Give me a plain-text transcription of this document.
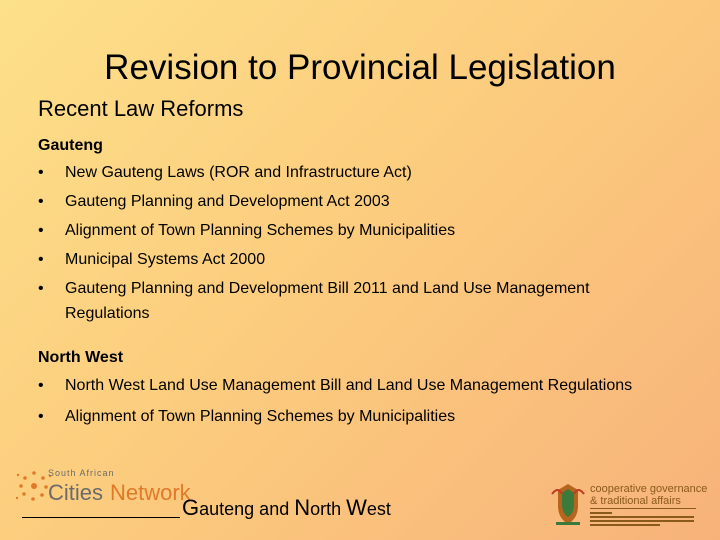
Revision to Provincial Legislation
Recent Law Reforms
Gauteng
•	New Gauteng Laws (ROR and Infrastructure Act)
•	Gauteng Planning and Development Act 2003
•	Alignment of Town Planning Schemes by Municipalities
•	Municipal Systems Act 2000
•	Gauteng Planning and Development Bill 2011 and Land Use Management Regulations
North West
•	North West Land Use Management Bill and Land Use Management Regulations
•	Alignment of Town Planning Schemes by Municipalities
South African
Cities Network
Gauteng and North West
cooperative governance
& traditional affairs
